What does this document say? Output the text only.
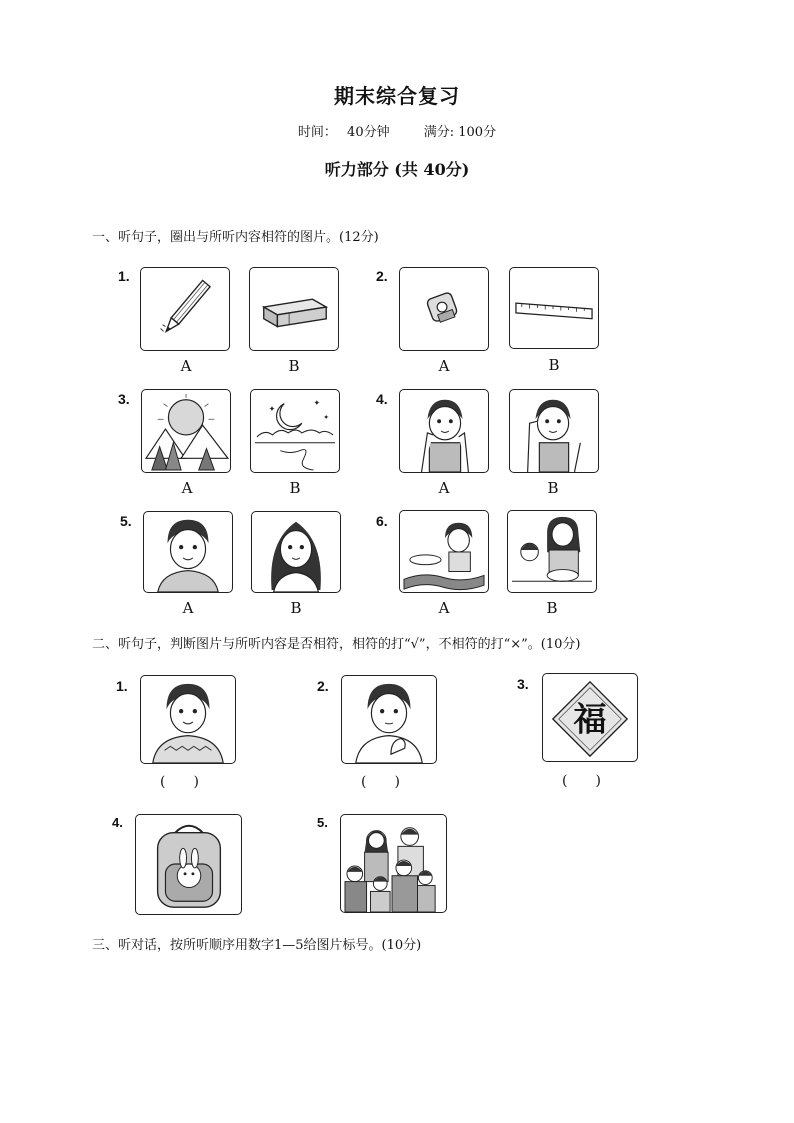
期末综合复习
时间： 40分钟	满分: 100分
听力部分 (共 40分)
一、听句子，圈出与所听内容相符的图片。(12分)
1.
A	B
2.
A	B
3.
A
✦
✦
✦
B
4.
A	B
5.
A	B
6.
A	B
二、听句子，判断图片与所听内容是否相符，相符的打“√”，不相符的打“×”。(10分)
1.
(　　)
2.
(　　)
3.
福
(　　)
4.	5.
三、听对话，按所听顺序用数字1—5给图片标号。(10分)
